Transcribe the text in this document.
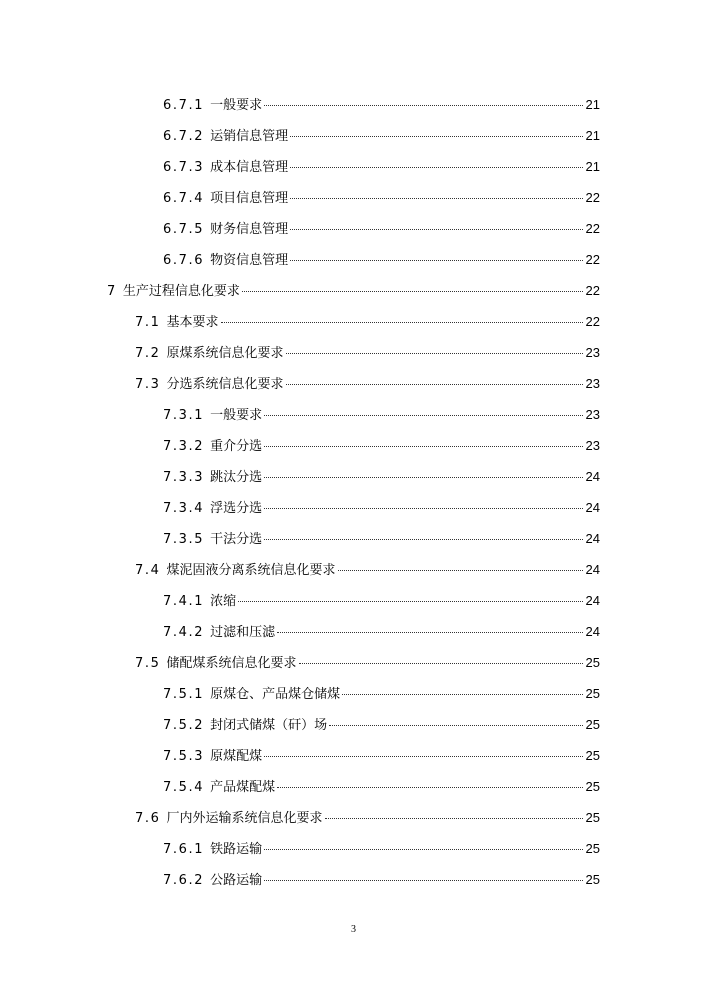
6.7.1 一般要求	21
6.7.2 运销信息管理	21
6.7.3 成本信息管理	21
6.7.4 项目信息管理	22
6.7.5 财务信息管理	22
6.7.6 物资信息管理	22
7 生产过程信息化要求	22
7.1 基本要求	22
7.2 原煤系统信息化要求	23
7.3 分选系统信息化要求	23
7.3.1 一般要求	23
7.3.2 重介分选	23
7.3.3 跳汰分选	24
7.3.4 浮选分选	24
7.3.5 干法分选	24
7.4 煤泥固液分离系统信息化要求	24
7.4.1 浓缩	24
7.4.2 过滤和压滤	24
7.5 储配煤系统信息化要求	25
7.5.1 原煤仓、产品煤仓储煤	25
7.5.2 封闭式储煤（矸）场	25
7.5.3 原煤配煤	25
7.5.4 产品煤配煤	25
7.6 厂内外运输系统信息化要求	25
7.6.1 铁路运输	25
7.6.2 公路运输	25
3
